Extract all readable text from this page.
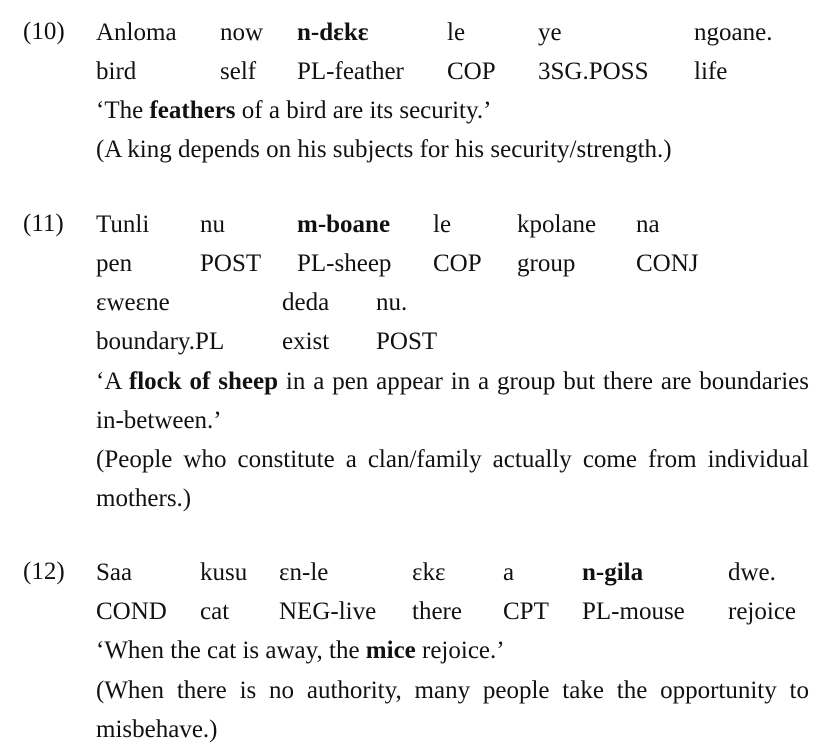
(10) Anloma now n-dɛkɛ	le	ye	ngoane.
bird	self PL-feather COP 3SG.POSS life
‘The feathers of a bird are its security.’
(A king depends on his subjects for his security/strength.)
(11) Tunli nu	m-boane le	kpolane na
pen	POST PL-sheep COP group CONJ
ɛweɛne	deda nu.
boundary.PL exist POST
‘A flock of sheep in a pen appear in a group but there are boundaries in-between.’
(People who constitute a clan/family actually come from individual mothers.)
(12) Saa	kusu ɛn-le	ɛkɛ a	n-gila	dwe.
COND cat NEG-live there CPT PL-mouse rejoice
‘When the cat is away, the mice rejoice.’
(When there is no authority, many people take the opportunity to misbehave.)
